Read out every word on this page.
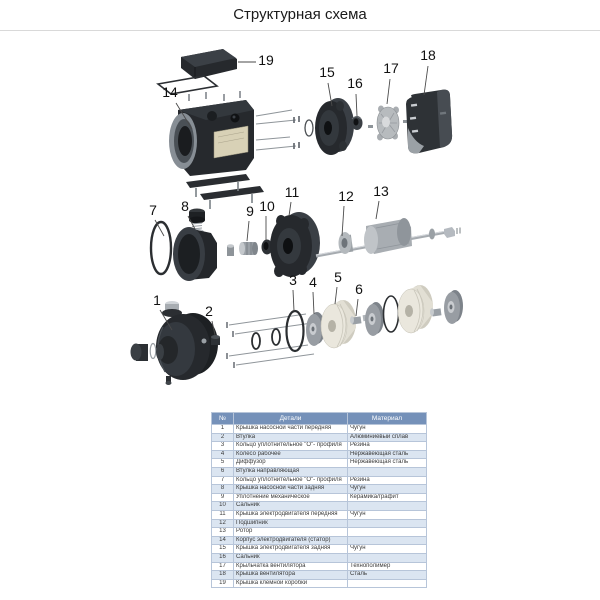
Структурная схема
1
2
3 4 5
6
7 8	9 10
11	12 13
14
15
16
17
18
19
№	Детали	Материал
1	Крышка насосной части передняя	Чугун
2	Втулка	Алюминиевый сплав
3	Кольцо уплотнительное "O"- профиля	Резина
4	Колесо рабочее	Нержавеющая сталь
5	Диффузор	Нержавеющая сталь
6	Втулка направляющая	
7	Кольцо уплотнительное "O"- профиля	Резина
8	Крышка насосной части задняя	Чугун
9	Уплотнение механическое	Керамика/графит
10	Сальник	
11	Крышка электродвигателя передняя	Чугун
12	Подшипник	
13	Ротор	
14	Корпус электродвигателя (статор)	
15	Крышка электродвигателя задняя	Чугун
16	Сальник	
17	Крыльчатка вентилятора	Технополимер
18	Крышка вентилятора	Сталь
19	Крышка клемной коробки	
